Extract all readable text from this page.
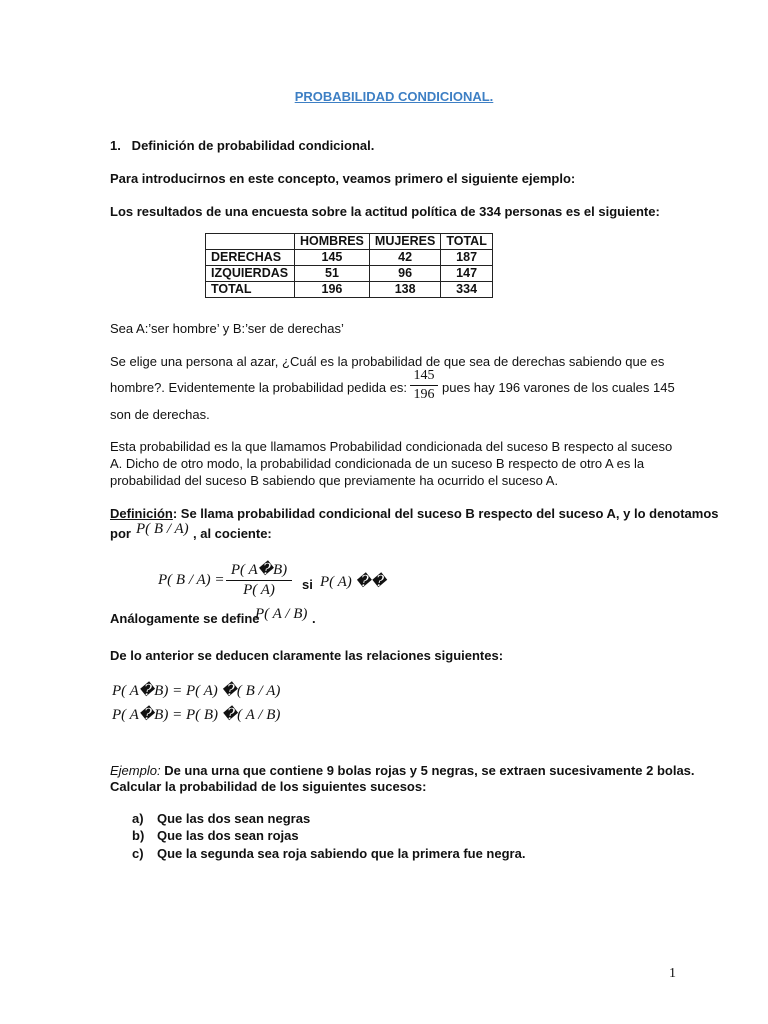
PROBABILIDAD CONDICIONAL.
1.   Definición de probabilidad condicional.
Para introducirnos en este concepto, veamos primero el siguiente ejemplo:
Los resultados de una encuesta sobre la actitud política de 334 personas es el siguiente:
	HOMBRES	MUJERES	TOTAL
DERECHAS	145	42	187
IZQUIERDAS	51	96	147
TOTAL	196	138	334
Sea A:’ser hombre’ y B:’ser de derechas’
Se elige una persona al azar, ¿Cuál es la probabilidad de que sea de derechas sabiendo que es
hombre?. Evidentemente la probabilidad pedida es:
145
196 pues hay 196 varones de los cuales 145
son de derechas.
Esta probabilidad es la que llamamos Probabilidad condicionada del suceso B respecto al suceso
A. Dicho de otro modo, la probabilidad condicionada de un suceso B respecto de otro A es la
probabilidad del suceso B sabiendo que previamente ha ocurrido el suceso A.
Definición: Se llama probabilidad condicional del suceso B respecto del suceso A, y lo denotamos
por P( B / A) , al cociente:
P( B / A) =
P( A�B)
P( A)	si P( A) ��
Análogamente se define
P( A / B) .
De lo anterior se deducen claramente las relaciones siguientes:
P( A�B) = P( A) �( B / A)
P( A�B) = P( B) �( A / B)
Ejemplo: De una urna que contiene 9 bolas rojas y 5 negras, se extraen sucesivamente 2 bolas.
Calcular la probabilidad de los siguientes sucesos:
a) Que las dos sean negras
b) Que las dos sean rojas
c) Que la segunda sea roja sabiendo que la primera fue negra.
1
